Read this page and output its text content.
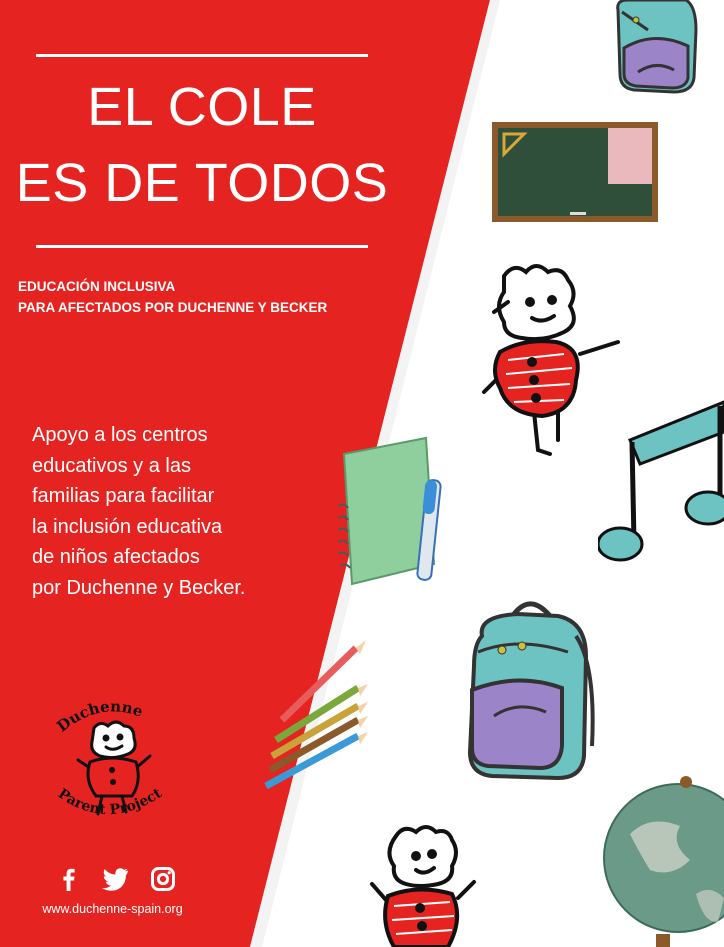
EL COLE
ES DE TODOS
EDUCACIÓN INCLUSIVA
PARA AFECTADOS POR DUCHENNE Y BECKER
Apoyo a los centros
educativos y a las
familias para facilitar
la inclusión educativa
de niños afectados
por Duchenne y Becker.
Duchenne
Parent Project
www.duchenne-spain.org
